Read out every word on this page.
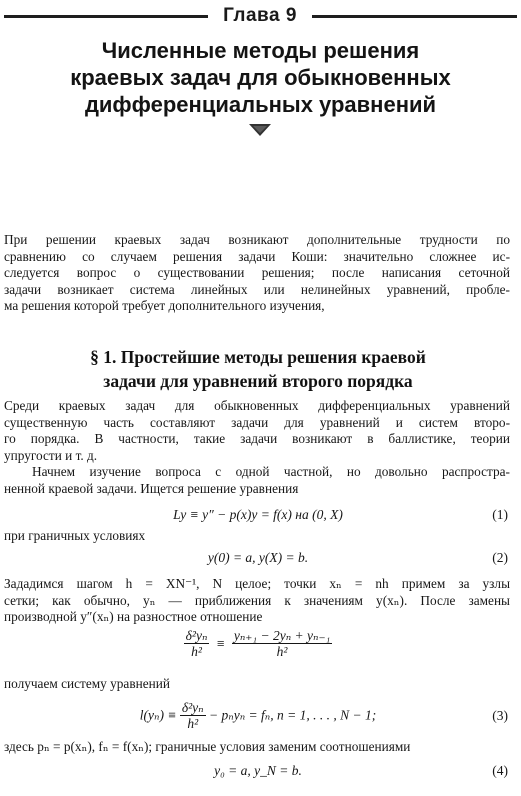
Глава 9
Численные методы решения
краевых задач для обыкновенных
дифференциальных уравнений
При решении краевых задач возникают дополнительные трудности по
сравнению со случаем решения задачи Коши: значительно сложнее ис-
следуется вопрос о существовании решения; после написания сеточной
задачи возникает система линейных или нелинейных уравнений, пробле-
ма решения которой требует дополнительного изучения,
§ 1. Простейшие методы решения краевой
задачи для уравнений второго порядка
Среди краевых задач для обыкновенных дифференциальных уравнений
существенную часть составляют задачи для уравнений и систем второ-
го порядка. В частности, такие задачи возникают в баллистике, теории
упругости и т. д.
Начнем изучение вопроса с одной частной, но довольно распростра-
ненной краевой задачи. Ищется решение уравнения
Ly ≡ y″ − p(x)y = f(x) на (0, X)	(1)
при граничных условиях
y(0) = a, y(X) = b.	(2)
Зададимся шагом h = XN⁻¹, N целое; точки xₙ = nh примем за узлы
сетки; как обычно, yₙ — приближения к значениям y(xₙ). После замены
производной y″(xₙ) на разностное отношение
$\frac{\text{δ²yₙ}}{\text{h²}} \equiv \frac{\text{yₙ₊₁ − 2yₙ + yₙ₋₁}}{\text{h²}}$
получаем систему уравнений
$l(y_n) \equiv \frac{\text{δ²yₙ}}{\text{h²}} - p_ny_n = f_n$, n = 1, . . . , N − 1;	(3)
здесь pₙ = p(xₙ), fₙ = f(xₙ); граничные условия заменим соотношениями
y₀ = a, y_N = b.	(4)
